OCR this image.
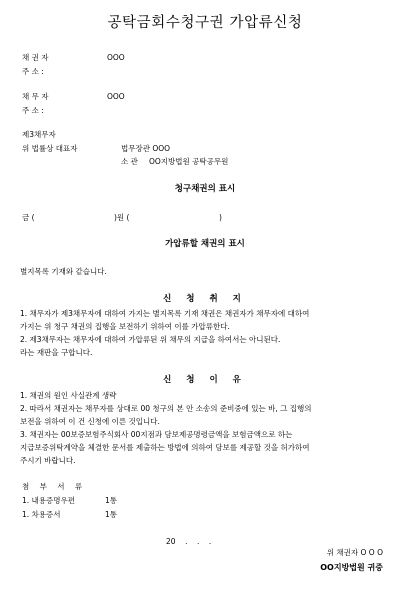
공탁금회수청구권 가압류신청
채 권 자	OOO
주 소 :
채 무 자	OOO
주 소 :
제3채무자
위 법률상 대표자	법무장관 OOO
소 관 OO지방법원 공탁공무원
청구채권의 표시
금 (	)원 (	)
가압류할 채권의 표시
별지목록 기재와 같습니다.
신 청 취 지
1. 채무자가 제3채무자에 대하여 가지는 별지목록 기재 채권은 채권자가 채무자에 대하여
가지는 위 청구 채권의 집행을 보전하기 위하여 이를 가압류한다.
2. 제3채무자는 채무자에 대하여 가압류된 위 채무의 지급을 하여서는 아니된다.
라는 재판을 구합니다.
신 청 이 유
1. 채권의 원인 사실관계 생략
2. 따라서 채권자는 채무자를 상대로 00 청구의 본 안 소송의 준비중에 있는 바, 그 집행의
보전을 위하여 이 건 신청에 이른 것입니다.
3. 채권자는 00보증보험주식회사 00지점과 담보제공명령금액을 보험금액으로 하는
지급보증위탁계약을 체결한 문서를 제출하는 방법에 의하여 담보를 제공할 것을 허가하여
주시기 바랍니다.
첨 부 서 류
1. 내용증명우편	1통
1. 차용증서	1통
20    .    .    .
위 채권자 O O O
OO지방법원 귀중
